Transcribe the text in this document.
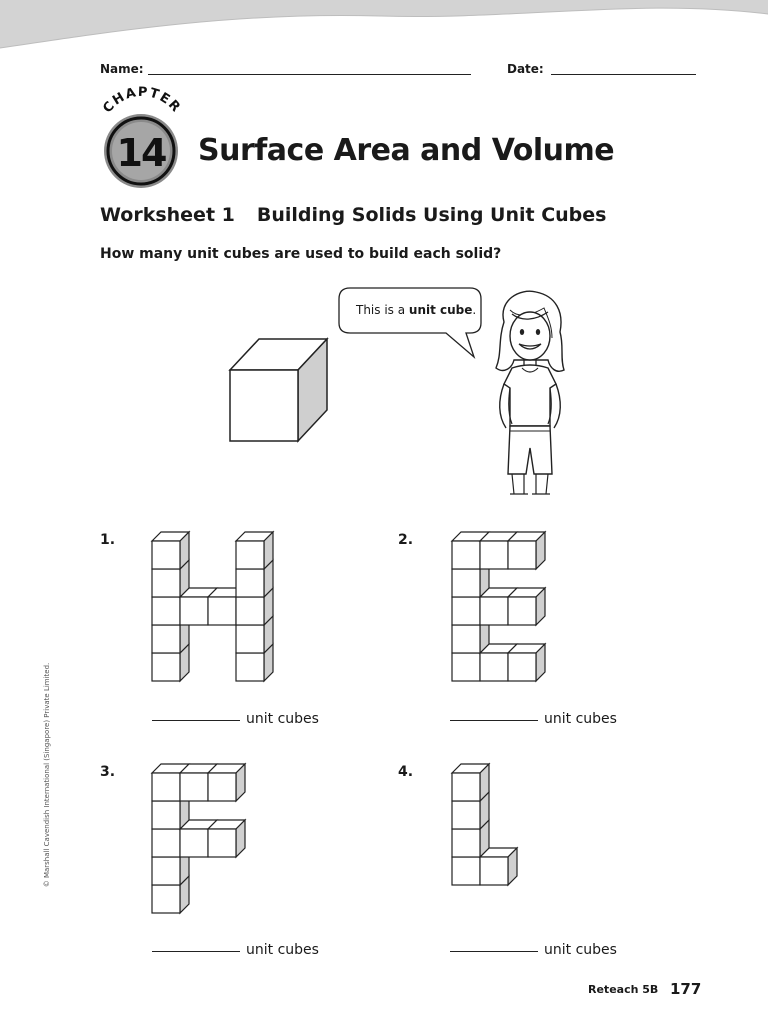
Name:	Date:
CHAPTER
14 Surface Area and Volume
Worksheet 1 Building Solids Using Unit Cubes

How many unit cubes are used to build each solid?

This is a unit cube.
© Marshall Cavendish International (Singapore) Private Limited.
1.	2.
3.	4.
unit cubes	unit cubes
unit cubes	unit cubes
Reteach 5B 177
